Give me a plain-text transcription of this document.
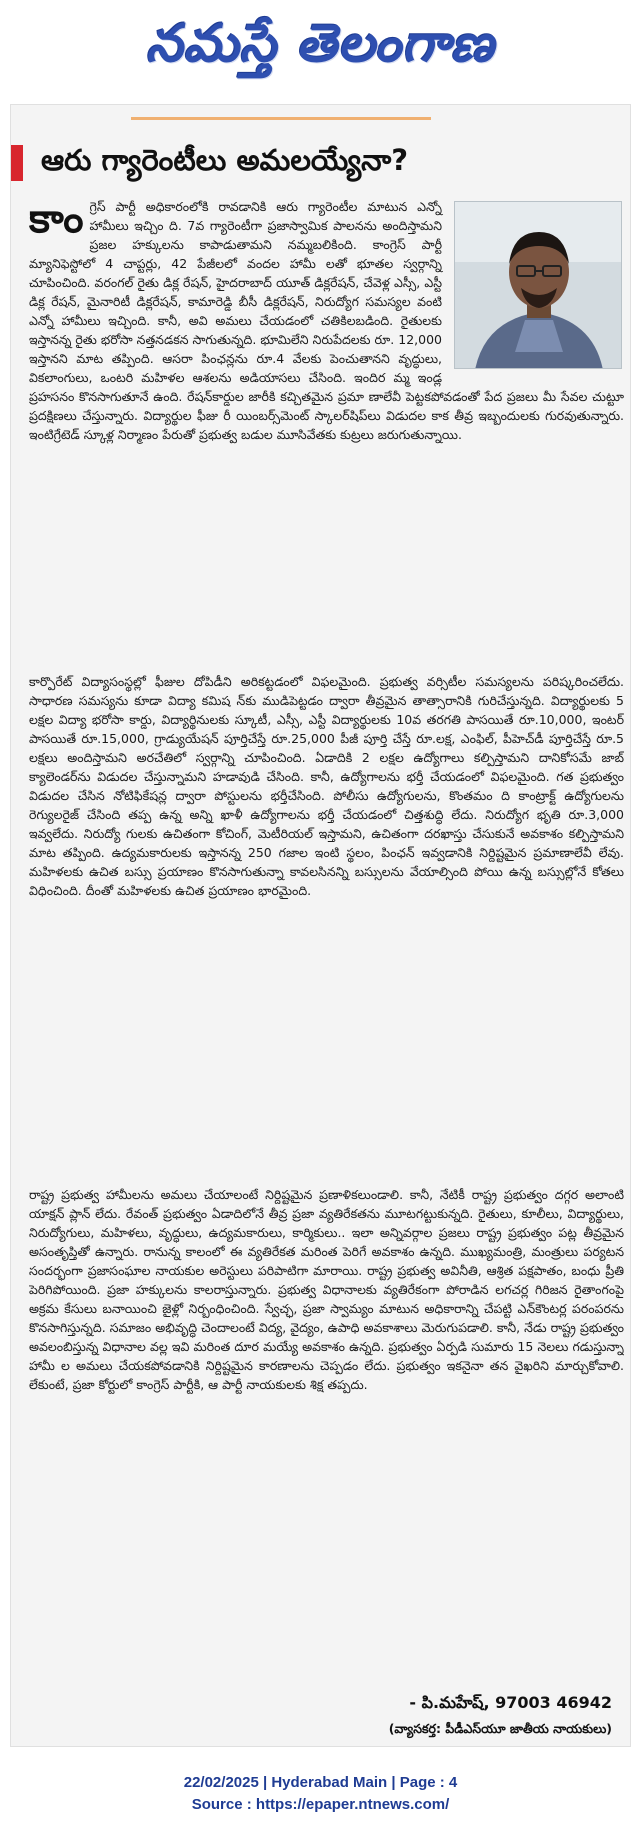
నమస్తే తెలంగాణ
ఆరు గ్యారెంటీలు అమలయ్యేనా?

కాం గ్రెస్ పార్టీ అధికారంలోకి రావడానికి ఆరు గ్యారెంటీల మాటున ఎన్నో హామీలు ఇచ్చిం ది. 7వ గ్యారెంటీగా ప్రజాస్వామిక పాలనను అందిస్తామని ప్రజల హక్కులను కాపాడుతామని నమ్మబలికింది. కాంగ్రెస్ పార్టీ మ్యానిఫెస్టోలో 4 చాప్టర్లు, 42 పేజీలలో వందల హామీ లతో భూతల స్వర్గాన్ని చూపించింది. వరంగల్ రైతు డిక్ల రేషన్, హైదరాబాద్ యూత్ డిక్లరేషన్, చేవెళ్ల ఎస్సీ, ఎస్టీ డిక్ల రేషన్, మైనారిటీ డిక్లరేషన్, కామారెడ్డి బీసీ డిక్లరేషన్, నిరుద్యోగ సమస్యల వంటి ఎన్నో హామీలు ఇచ్చింది. కానీ, అవి అమలు చేయడంలో చతికిలబడింది. రైతులకు ఇస్తానన్న రైతు భరోసా నత్తనడకన సాగుతున్నది. భూమిలేని నిరుపేదలకు రూ. 12,000 ఇస్తానని మాట తప్పింది. ఆసరా పింఛన్లను రూ.4 వేలకు పెంచుతానని వృద్ధులు, వికలాంగులు, ఒంటరి మహిళల ఆశలను అడియాసలు చేసింది. ఇందిర మ్మ ఇండ్ల ప్రహసనం కొనసాగుతూనే ఉంది. రేషన్‌కార్డుల జారీకి కచ్చితమైన ప్రమా ణాలేవీ పెట్టకపోవడంతో పేద ప్రజలు మీ సేవల చుట్టూ ప్రదక్షిణలు చేస్తున్నారు. విద్యార్థుల ఫీజు రీ యింబర్స్‌మెంట్ స్కాలర్‌షిప్‌లు విడుదల కాక తీవ్ర ఇబ్బందులకు గురవుతున్నారు. ఇంటిగ్రేటెడ్ స్కూళ్ల నిర్మాణం పేరుతో ప్రభుత్వ బడుల మూసివేతకు కుట్రలు జరుగుతున్నాయి.

కార్పొరేట్ విద్యాసంస్థల్లో ఫీజుల దోపిడీని అరికట్టడంలో విఫలమైంది. ప్రభుత్వ వర్సిటీల సమస్యలను పరిష్కరించలేదు. సాధారణ సమస్యను కూడా విద్యా కమిష న్‌కు ముడిపెట్టడం ద్వారా తీవ్రమైన తాత్సారానికి గురిచేస్తున్నది. విద్యార్థులకు 5 లక్షల విద్యా భరోసా కార్డు, విద్యార్థినులకు స్కూటీ, ఎస్సీ, ఎస్టీ విద్యార్థులకు 10వ తరగతి పాసయితే రూ.10,000, ఇంటర్ పాసయితే రూ.15,000, గ్రాడ్యుయేషన్ పూర్తిచేస్తే రూ.25,000 పీజీ పూర్తి చేస్తే రూ.లక్ష, ఎంఫిల్, పీహెచ్‌డీ పూర్తిచేస్తే రూ.5 లక్షలు అందిస్తామని అరచేతిలో స్వర్గాన్ని చూపించింది. ఏడాదికి 2 లక్షల ఉద్యోగాలు కల్పిస్తామని దానికోసమే జాబ్ క్యాలెండర్‌ను విడుదల చేస్తున్నామని హడావుడి చేసింది. కానీ, ఉద్యోగాలను భర్తీ చేయడంలో విఫలమైంది. గత ప్రభుత్వం విడుదల చేసిన నోటిఫికేషన్ల ద్వారా పోస్టులను భర్తీచేసింది. పోలీసు ఉద్యోగులను, కొంతమం ది కాంట్రాక్ట్ ఉద్యోగులను రెగ్యులరైజ్ చేసింది తప్ప ఉన్న అన్ని ఖాళీ ఉద్యోగాలను భర్తీ చేయడంలో చిత్తశుద్ధి లేదు. నిరుద్యోగ భృతి రూ.3,000 ఇవ్వలేదు. నిరుద్యో గులకు ఉచితంగా కోచింగ్, మెటీరియల్ ఇస్తామని, ఉచితంగా దరఖాస్తు చేసుకునే అవకాశం కల్పిస్తామని మాట తప్పింది. ఉద్యమకారులకు ఇస్తానన్న 250 గజాల ఇంటి స్థలం, పింఛన్ ఇవ్వడానికి నిర్దిష్టమైన ప్రమాణాలేవీ లేవు. మహిళలకు ఉచిత బస్సు ప్రయాణం కొనసాగుతున్నా కావలసినన్ని బస్సులను వేయాల్సింది పోయి ఉన్న బస్సుల్లోనే కోతలు విధించింది. దీంతో మహిళలకు ఉచిత ప్రయాణం భారమైంది.

రాష్ట్ర ప్రభుత్వ హామీలను అమలు చేయాలంటే నిర్దిష్టమైన ప్రణాళికలుండాలి. కానీ, నేటికీ రాష్ట్ర ప్రభుత్వం దగ్గర అలాంటి యాక్షన్ ప్లాన్ లేదు. రేవంత్ ప్రభుత్వం ఏడాదిలోనే తీవ్ర ప్రజా వ్యతిరేకతను మూటగట్టుకున్నది. రైతులు, కూలీలు, విద్యార్థులు, నిరుద్యోగులు, మహిళలు, వృద్ధులు, ఉద్యమకారులు, కార్మికులు.. ఇలా అన్నివర్గాల ప్రజలు రాష్ట్ర ప్రభుత్వం పట్ల తీవ్రమైన అసంతృప్తితో ఉన్నారు. రానున్న కాలంలో ఈ వ్యతిరేకత మరింత పెరిగే అవకాశం ఉన్నది. ముఖ్యమంత్రి, మంత్రులు పర్యటన సందర్భంగా ప్రజాసంఘాల నాయకుల అరెస్టులు పరిపాటిగా మారాయి. రాష్ట్ర ప్రభుత్వ అవినీతి, ఆశ్రిత పక్షపాతం, బంధు ప్రీతి పెరిగిపోయింది. ప్రజా హక్కులను కాలరాస్తున్నారు. ప్రభుత్వ విధానాలకు వ్యతిరేకంగా పోరాడిన లగచర్ల గిరిజన రైతాంగంపై అక్రమ కేసులు బనాయించి జైళ్లో నిర్బంధించింది. స్వేచ్ఛ, ప్రజా స్వామ్యం మాటున అధికారాన్ని చేపట్టి ఎన్‌కౌంటర్ల పరంపరను కొనసాగిస్తున్నది. సమాజం అభివృద్ధి చెందాలంటే విద్య, వైద్యం, ఉపాధి అవకాశాలు మెరుగుపడాలి. కానీ, నేడు రాష్ట్ర ప్రభుత్వం అవలంబిస్తున్న విధానాల వల్ల ఇవి మరింత దూర మయ్యే అవకాశం ఉన్నది. ప్రభుత్వం ఏర్పడి సుమారు 15 నెలలు గడుస్తున్నా హామీ ల అమలు చేయకపోవడానికి నిర్దిష్టమైన కారణాలను చెప్పడం లేదు. ప్రభుత్వం ఇకనైనా తన వైఖరిని మార్చుకోవాలి. లేకుంటే, ప్రజా కోర్టులో కాంగ్రెస్ పార్టీకి, ఆ పార్టీ నాయకులకు శిక్ష తప్పదు.

- పి.మహేష్, 97003 46942
(వ్యాసకర్త: పీడీఎస్‌యూ జాతీయ నాయకులు)
22/02/2025 | Hyderabad Main | Page : 4
Source : https://epaper.ntnews.com/
